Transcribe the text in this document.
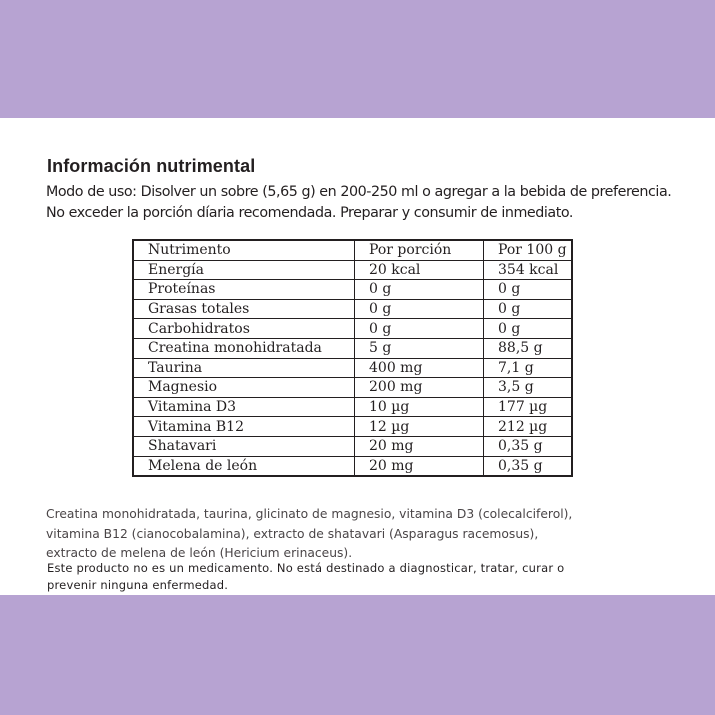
Información nutrimental
Modo de uso: Disolver un sobre (5,65 g) en 200-250 ml o agregar a la bebida de preferencia.
No exceder la porción díaria recomendada. Preparar y consumir de inmediato.
Nutrimento	Por porción	Por 100 g
Energía	20 kcal	354 kcal
Proteínas	0 g	0 g
Grasas totales	0 g	0 g
Carbohidratos	0 g	0 g
Creatina monohidratada	5 g	88,5 g
Taurina	400 mg	7,1 g
Magnesio	200 mg	3,5 g
Vitamina D3	10 µg	177 µg
Vitamina B12	12 µg	212 µg
Shatavari	20 mg	0,35 g
Melena de león	20 mg	0,35 g
Creatina monohidratada, taurina, glicinato de magnesio, vitamina D3 (colecalciferol),
vitamina B12 (cianocobalamina), extracto de shatavari (Asparagus racemosus),
extracto de melena de león (Hericium erinaceus).
Este producto no es un medicamento. No está destinado a diagnosticar, tratar, curar o
prevenir ninguna enfermedad.
